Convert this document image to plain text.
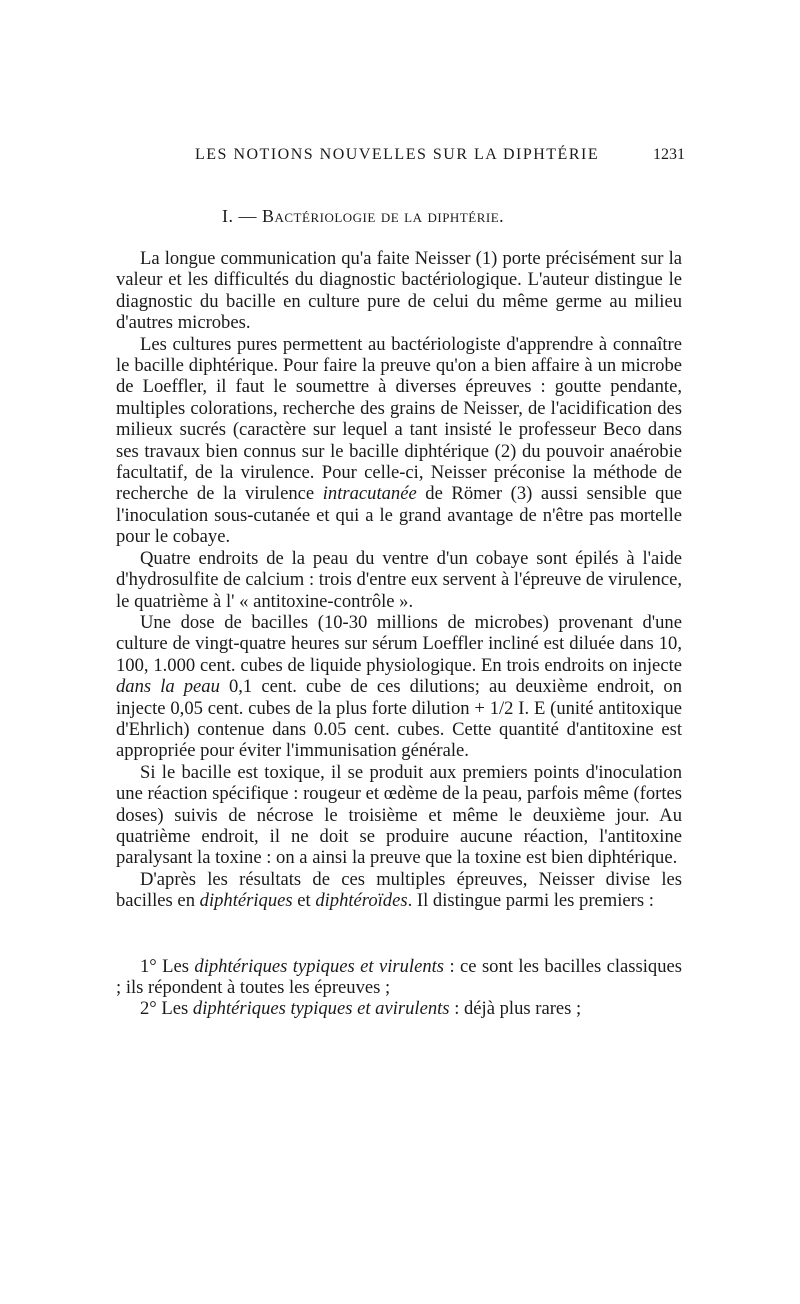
LES NOTIONS NOUVELLES SUR LA DIPHTÉRIE	1231
I. — Bactériologie de la diphtérie.

La longue communication qu'a faite Neisser (1) porte précisément sur la valeur et les difficultés du diagnostic bactériologique. L'auteur distingue le diagnostic du bacille en culture pure de celui du même germe au milieu d'autres microbes.

Les cultures pures permettent au bactériologiste d'apprendre à connaître le bacille diphtérique. Pour faire la preuve qu'on a bien affaire à un microbe de Loeffler, il faut le soumettre à diverses épreuves : goutte pendante, multiples colorations, recherche des grains de Neisser, de l'acidification des milieux sucrés (caractère sur lequel a tant insisté le professeur Beco dans ses travaux bien connus sur le bacille diphtérique (2) du pouvoir anaérobie facultatif, de la virulence. Pour celle-ci, Neisser préconise la méthode de recherche de la virulence intracutanée de Römer (3) aussi sensible que l'inoculation sous-cutanée et qui a le grand avantage de n'être pas mortelle pour le cobaye.

Quatre endroits de la peau du ventre d'un cobaye sont épilés à l'aide d'hydrosulfite de calcium : trois d'entre eux servent à l'épreuve de virulence, le quatrième à l' « antitoxine-contrôle ».

Une dose de bacilles (10-30 millions de microbes) provenant d'une culture de vingt-quatre heures sur sérum Loeffler incliné est diluée dans 10, 100, 1.000 cent. cubes de liquide physiologique. En trois endroits on injecte dans la peau 0,1 cent. cube de ces dilutions; au deuxième endroit, on injecte 0,05 cent. cubes de la plus forte dilution + 1/2 I. E (unité antitoxique d'Ehrlich) contenue dans 0.05 cent. cubes. Cette quantité d'antitoxine est appropriée pour éviter l'immunisation générale.

Si le bacille est toxique, il se produit aux premiers points d'inoculation une réaction spécifique : rougeur et œdème de la peau, parfois même (fortes doses) suivis de nécrose le troisième et même le deuxième jour. Au quatrième endroit, il ne doit se produire aucune réaction, l'antitoxine paralysant la toxine : on a ainsi la preuve que la toxine est bien diphtérique.

D'après les résultats de ces multiples épreuves, Neisser divise les bacilles en diphtériques et diphtéroïdes. Il distingue parmi les premiers :

1° Les diphtériques typiques et virulents : ce sont les bacilles classiques ; ils répondent à toutes les épreuves ;

2° Les diphtériques typiques et avirulents : déjà plus rares ;
